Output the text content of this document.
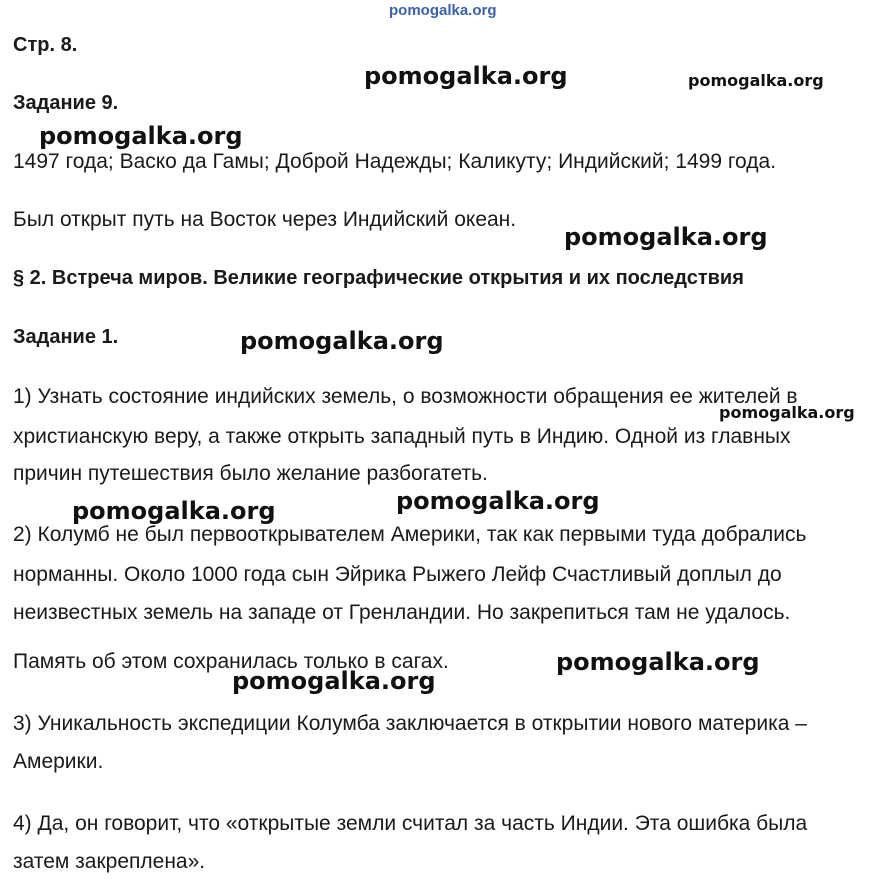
pomogalka.org
Стр. 8.
Задание 9.
1497 года; Васко да Гамы; Доброй Надежды; Каликуту; Индийский; 1499 года.
Был открыт путь на Восток через Индийский океан.
§ 2. Встреча миров. Великие географические открытия и их последствия
Задание 1.
1) Узнать состояние индийских земель, о возможности обращения ее жителей в
христианскую веру, а также открыть западный путь в Индию. Одной из главных
причин путешествия было желание разбогатеть.
2) Колумб не был первооткрывателем Америки, так как первыми туда добрались
норманны. Около 1000 года сын Эйрика Рыжего Лейф Счастливый доплыл до
неизвестных земель на западе от Гренландии. Но закрепиться там не удалось.
Память об этом сохранилась только в сагах.
3) Уникальность экспедиции Колумба заключается в открытии нового материка –
Америки.
4) Да, он говорит, что «открытые земли считал за часть Индии. Эта ошибка была
затем закреплена».
pomogalka.org	pomogalka.org
pomogalka.org
pomogalka.org
pomogalka.org
pomogalka.org
pomogalka.org
pomogalka.org
pomogalka.org
pomogalka.org
